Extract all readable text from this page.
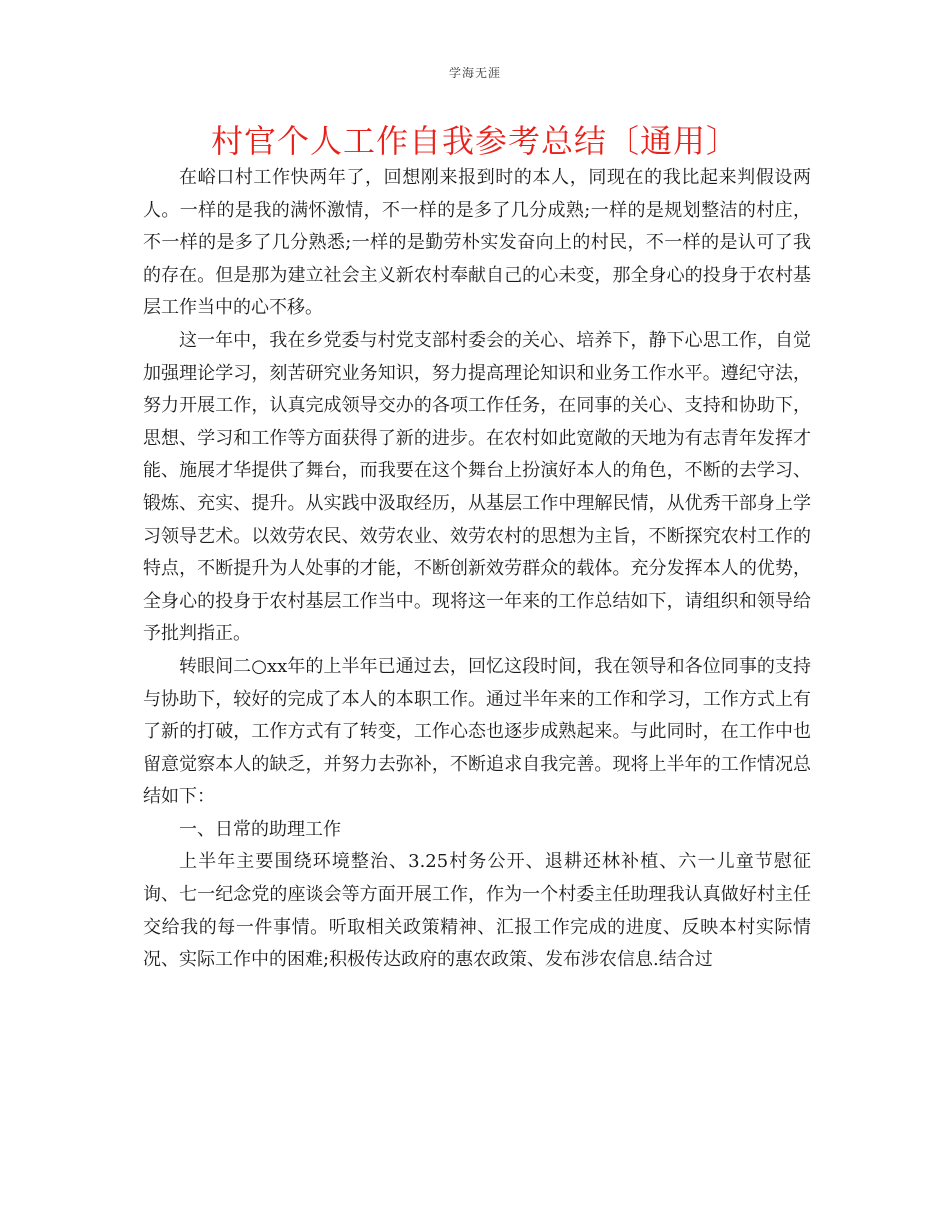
学海无涯
村官个人工作自我参考总结〔通用〕

在峪口村工作快两年了，回想刚来报到时的本人，同现在的我比起来判假设两人。一样的是我的满怀激情，不一样的是多了几分成熟;一样的是规划整洁的村庄，不一样的是多了几分熟悉;一样的是勤劳朴实发奋向上的村民，不一样的是认可了我的存在。但是那为建立社会主义新农村奉献自己的心未变，那全身心的投身于农村基层工作当中的心不移。

这一年中，我在乡党委与村党支部村委会的关心、培养下，静下心思工作，自觉加强理论学习，刻苦研究业务知识，努力提高理论知识和业务工作水平。遵纪守法，努力开展工作，认真完成领导交办的各项工作任务，在同事的关心、支持和协助下，思想、学习和工作等方面获得了新的进步。在农村如此宽敞的天地为有志青年发挥才能、施展才华提供了舞台，而我要在这个舞台上扮演好本人的角色，不断的去学习、锻炼、充实、提升。从实践中汲取经历，从基层工作中理解民情，从优秀干部身上学习领导艺术。以效劳农民、效劳农业、效劳农村的思想为主旨，不断探究农村工作的特点，不断提升为人处事的才能，不断创新效劳群众的载体。充分发挥本人的优势，全身心的投身于农村基层工作当中。现将这一年来的工作总结如下，请组织和领导给予批判指正。

转眼间二○xx年的上半年已通过去，回忆这段时间，我在领导和各位同事的支持与协助下，较好的完成了本人的本职工作。通过半年来的工作和学习，工作方式上有了新的打破，工作方式有了转变，工作心态也逐步成熟起来。与此同时，在工作中也留意觉察本人的缺乏，并努力去弥补，不断追求自我完善。现将上半年的工作情况总结如下：

一、日常的助理工作

上半年主要围绕环境整治、3.25村务公开、退耕还林补植、六一儿童节慰征询、七一纪念党的座谈会等方面开展工作，作为一个村委主任助理我认真做好村主任交给我的每一件事情。听取相关政策精神、汇报工作完成的进度、反映本村实际情况、实际工作中的困难;积极传达政府的惠农政策、发布涉农信息.结合过
